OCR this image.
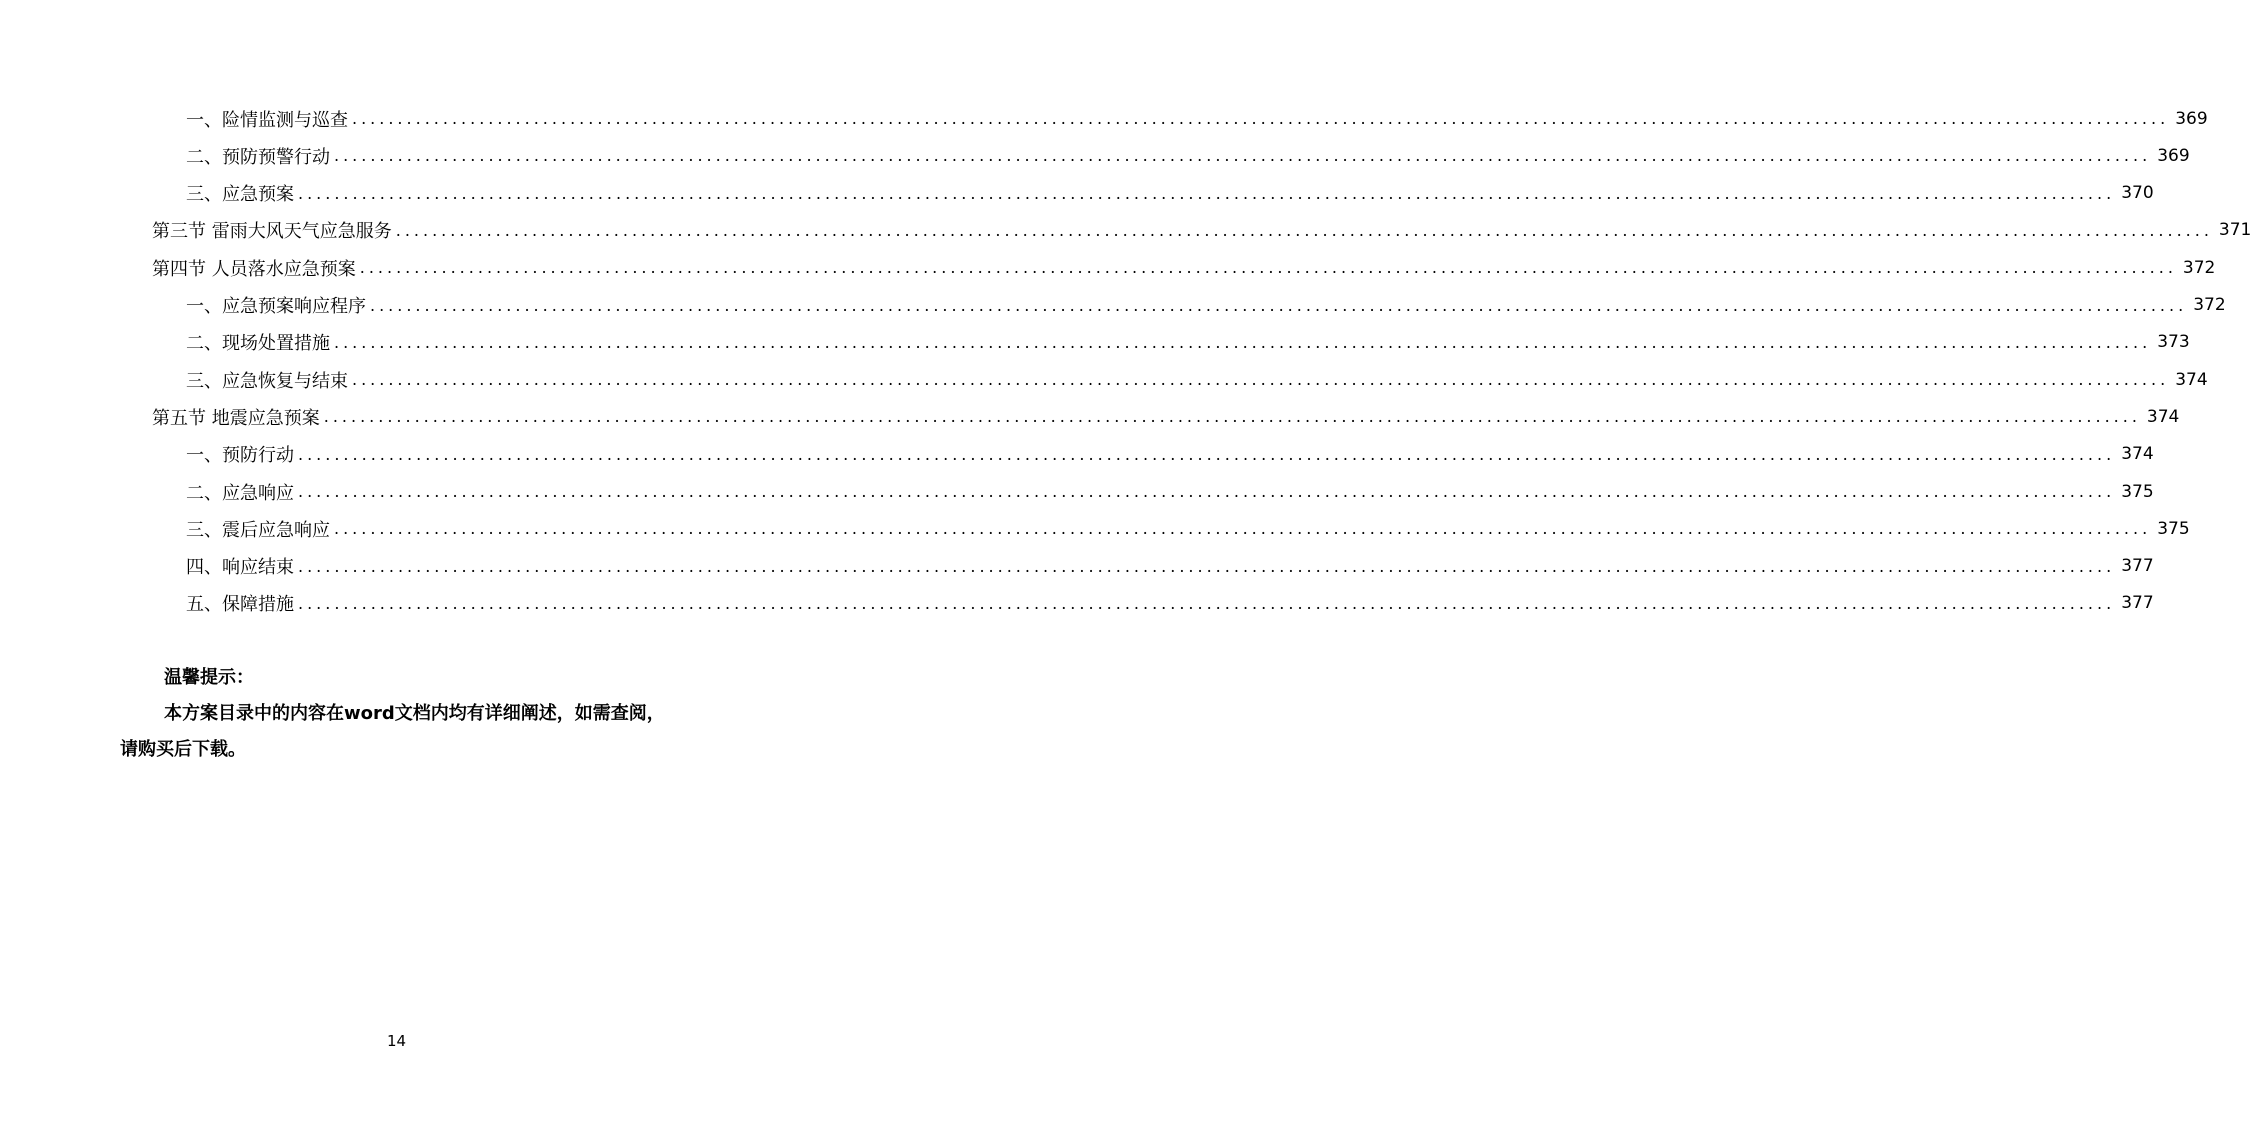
一、险情监测与巡查 ........................................................................................................................................................................................................ 369
二、预防预警行动 ........................................................................................................................................................................................................ 369
三、应急预案 ........................................................................................................................................................................................................ 370
第三节 雷雨大风天气应急服务 ........................................................................................................................................................................................................ 371
第四节 人员落水应急预案 ........................................................................................................................................................................................................ 372
一、应急预案响应程序 ........................................................................................................................................................................................................ 372
二、现场处置措施 ........................................................................................................................................................................................................ 373
三、应急恢复与结束 ........................................................................................................................................................................................................ 374
第五节 地震应急预案 ........................................................................................................................................................................................................ 374
一、预防行动 ........................................................................................................................................................................................................ 374
二、应急响应 ........................................................................................................................................................................................................ 375
三、震后应急响应 ........................................................................................................................................................................................................ 375
四、响应结束 ........................................................................................................................................................................................................ 377
五、保障措施 ........................................................................................................................................................................................................ 377
温馨提示：
本方案目录中的内容在word文档内均有详细阐述，如需查阅，请购买后下载。
14
